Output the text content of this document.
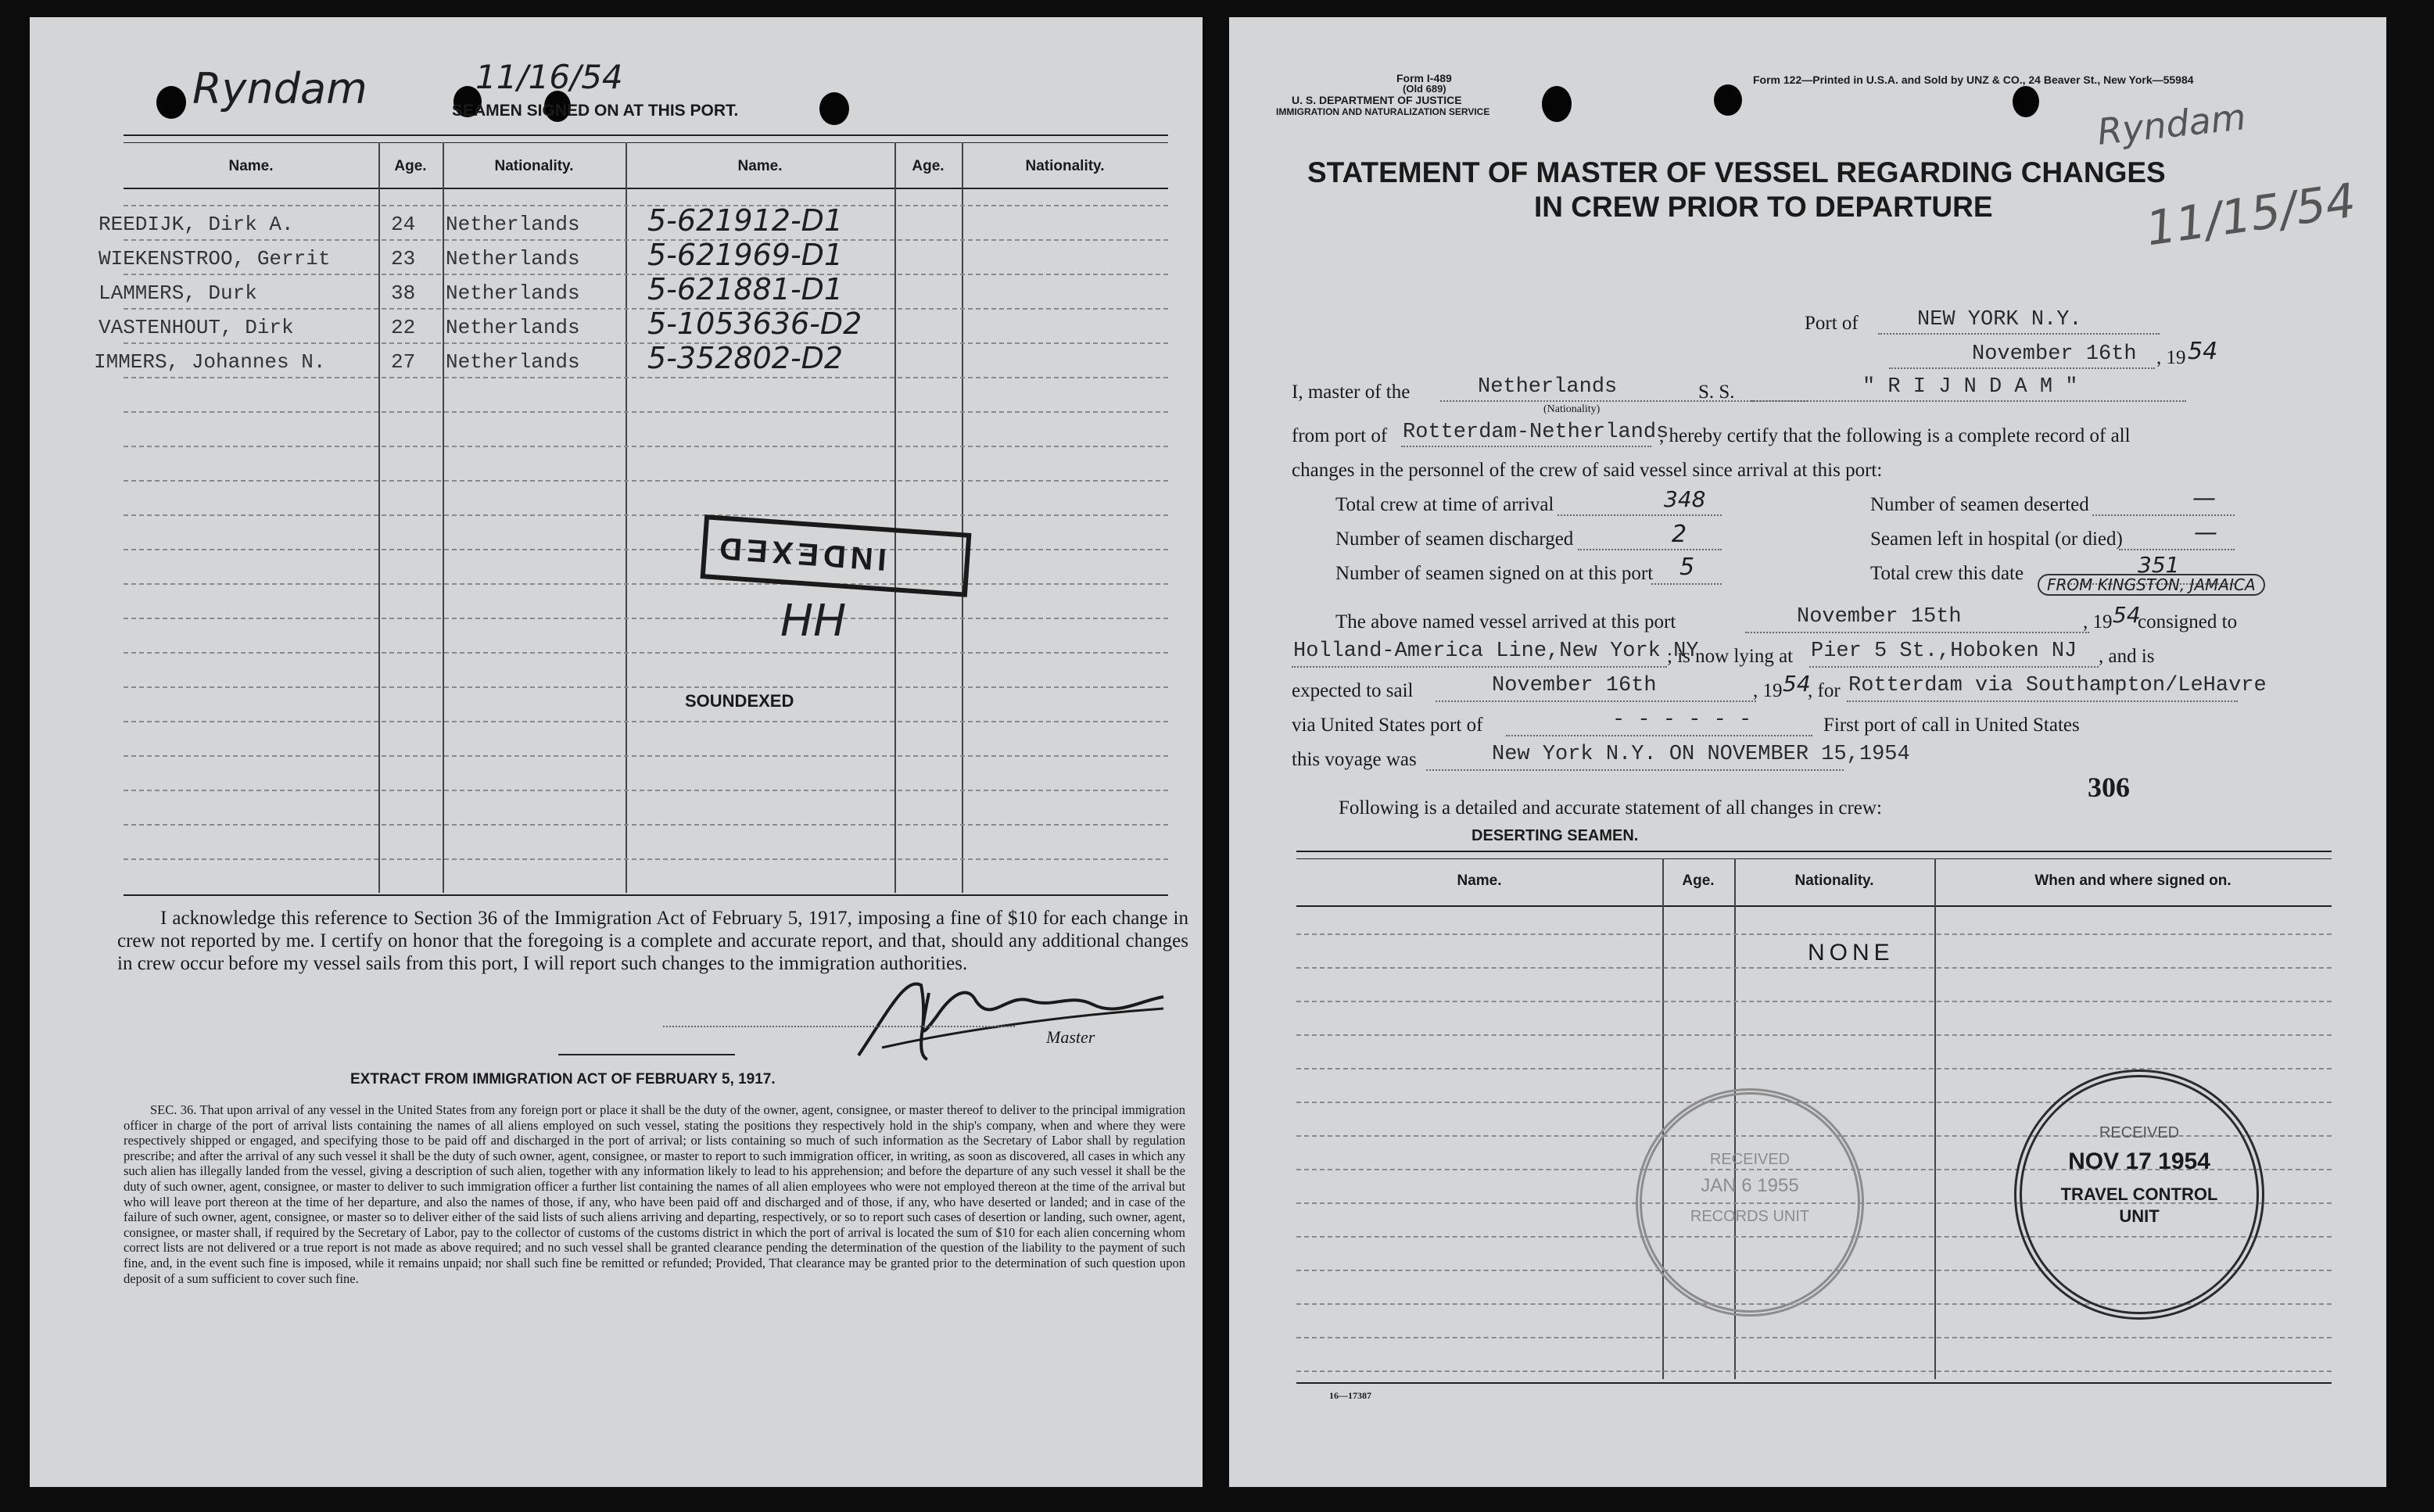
Ryndam	11/16/54
SEAMEN SIGNED ON AT THIS PORT.
Name.	Age.	Nationality.	Name.	Age.	Nationality.
REEDIJK, Dirk A.	24 Netherlands 5-621912-D1
WIEKENSTROO, Gerrit	23 Netherlands 5-621969-D1
LAMMERS, Durk	38 Netherlands 5-621881-D1
VASTENHOUT, Dirk	22 Netherlands 5-1053636-D2
IMMERS, Johannes N.	27 Netherlands 5-352802-D2
INDEXED
HH
SOUNDEXED
I acknowledge this reference to Section 36 of the Immigration Act of February 5, 1917, imposing a fine of $10 for each change in crew not reported by me. I certify on honor that the foregoing is a complete and accurate report, and that, should any additional changes in crew occur before my vessel sails from this port, I will report such changes to the immigration authorities.
Master
EXTRACT FROM IMMIGRATION ACT OF FEBRUARY 5, 1917.
SEC. 36. That upon arrival of any vessel in the United States from any foreign port or place it shall be the duty of the owner, agent, consignee, or master thereof to deliver to the principal immigration officer in charge of the port of arrival lists containing the names of all aliens employed on such vessel, stating the positions they respectively hold in the ship's company, when and where they were respectively shipped or engaged, and specifying those to be paid off and discharged in the port of arrival; or lists containing so much of such information as the Secretary of Labor shall by regulation prescribe; and after the arrival of any such vessel it shall be the duty of such owner, agent, consignee, or master to report to such immigration officer, in writing, as soon as discovered, all cases in which any such alien has illegally landed from the vessel, giving a description of such alien, together with any information likely to lead to his apprehension; and before the departure of any such vessel it shall be the duty of such owner, agent, consignee, or master to deliver to such immigration officer a further list containing the names of all alien employees who were not employed thereon at the time of the arrival but who will leave port thereon at the time of her departure, and also the names of those, if any, who have been paid off and discharged and of those, if any, who have deserted or landed; and in case of the failure of such owner, agent, consignee, or master so to deliver either of the said lists of such aliens arriving and departing, respectively, or so to report such cases of desertion or landing, such owner, agent, consignee, or master shall, if required by the Secretary of Labor, pay to the collector of customs of the customs district in which the port of arrival is located the sum of $10 for each alien concerning whom correct lists are not delivered or a true report is not made as above required; and no such vessel shall be granted clearance pending the determination of the question of the liability to the payment of such fine, and, in the event such fine is imposed, while it remains unpaid; nor shall such fine be remitted or refunded; Provided, That clearance may be granted prior to the determination of such question upon deposit of a sum sufficient to cover such fine.
Form I-489
(Old 689)
U. S. DEPARTMENT OF JUSTICE
IMMIGRATION AND NATURALIZATION SERVICE
Form 122—Printed in U.S.A. and Sold by UNZ & CO., 24 Beaver St., New York—55984
Ryndam
11/15/54
STATEMENT OF MASTER OF VESSEL REGARDING CHANGES
IN CREW PRIOR TO DEPARTURE
Port of	NEW YORK N.Y.
November 16th , 19 54
I, master of the	Netherlands
(Nationality)
S. S.	" R I J N D A M "
from port of Rotterdam-Netherlands
, hereby certify that the following is a complete record of all
changes in the personnel of the crew of said vessel since arrival at this port:
Total crew at time of arrival	348	Number of seamen deserted	—
Number of seamen discharged	2	Seamen left in hospital (or died)	—
Number of seamen signed on at this port 5	Total crew this date	351
FROM KINGSTON, JAMAICA
The above named vessel arrived at this port	November 15th	, 19 54
consigned to
Holland-America Line,New York NY
; is now lying at Pier 5 St.,Hoboken NJ , and is
expected to sail	November 16th	, 19 54
, for Rotterdam via Southampton/LeHavre
via United States port of	- - - - - -	First port of call in United States
this voyage was	New York N.Y. ON NOVEMBER 15,1954
306
Following is a detailed and accurate statement of all changes in crew:
DESERTING SEAMEN.
Name.	Age.	Nationality.	When and where signed on.
NONE
RECEIVED
JAN 6 1955
RECORDS UNIT
RECEIVED
NOV 17 1954
TRAVEL CONTROL
UNIT
16—17387
